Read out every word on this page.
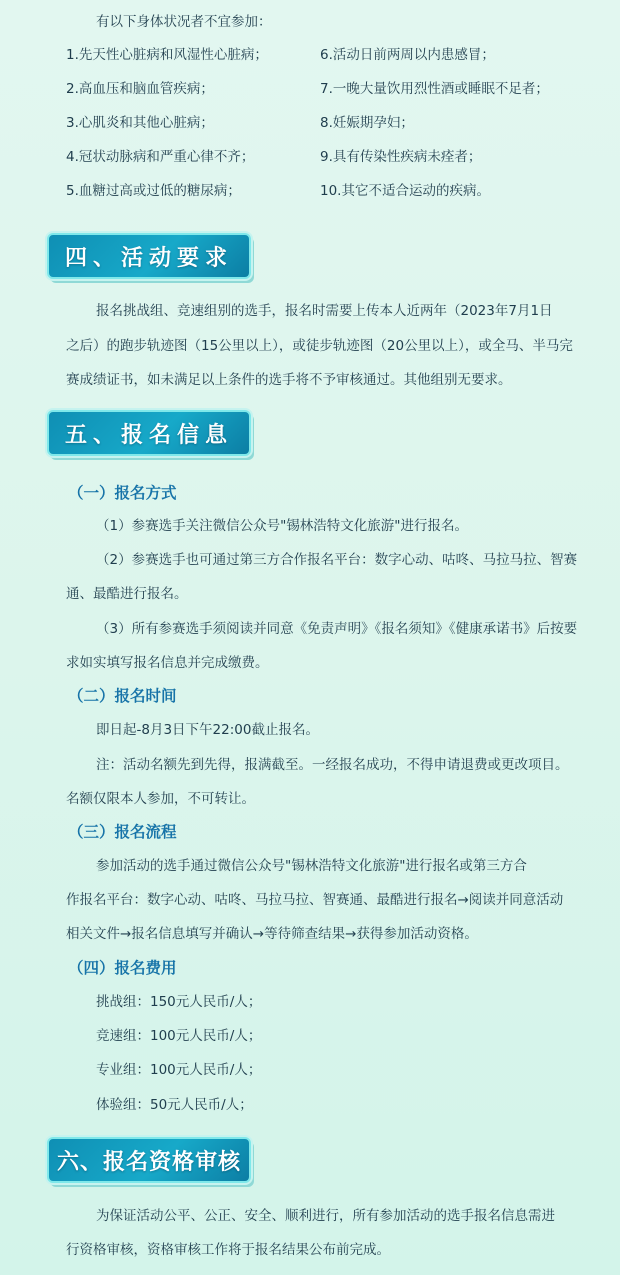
有以下身体状况者不宜参加：
1.先天性心脏病和风湿性心脏病；	6.活动日前两周以内患感冒；
2.高血压和脑血管疾病；	7.一晚大量饮用烈性酒或睡眠不足者；
3.心肌炎和其他心脏病；	8.妊娠期孕妇；
4.冠状动脉病和严重心律不齐；	9.具有传染性疾病未痊者；
5.血糖过高或过低的糖尿病；	10.其它不适合运动的疾病。
四、活动要求
报名挑战组、竞速组别的选手，报名时需要上传本人近两年（2023年7月1日
之后）的跑步轨迹图（15公里以上），或徒步轨迹图（20公里以上），或全马、半马完
赛成绩证书，如未满足以上条件的选手将不予审核通过。其他组别无要求。
五、报名信息
（一）报名方式
（1）参赛选手关注微信公众号"锡林浩特文化旅游"进行报名。
（2）参赛选手也可通过第三方合作报名平台：数字心动、咕咚、马拉马拉、智赛
通、最酷进行报名。
（3）所有参赛选手须阅读并同意《免责声明》《报名须知》《健康承诺书》后按要
求如实填写报名信息并完成缴费。
（二）报名时间
即日起-8月3日下午22:00截止报名。
注：活动名额先到先得，报满截至。一经报名成功，不得申请退费或更改项目。
名额仅限本人参加，不可转让。
（三）报名流程
参加活动的选手通过微信公众号"锡林浩特文化旅游"进行报名或第三方合
作报名平台：数字心动、咕咚、马拉马拉、智赛通、最酷进行报名→阅读并同意活动
相关文件→报名信息填写并确认→等待筛查结果→获得参加活动资格。
（四）报名费用
挑战组：150元人民币/人；
竞速组：100元人民币/人；
专业组：100元人民币/人；
体验组：50元人民币/人；
六、报名资格审核
为保证活动公平、公正、安全、顺利进行，所有参加活动的选手报名信息需进
行资格审核，资格审核工作将于报名结果公布前完成。
